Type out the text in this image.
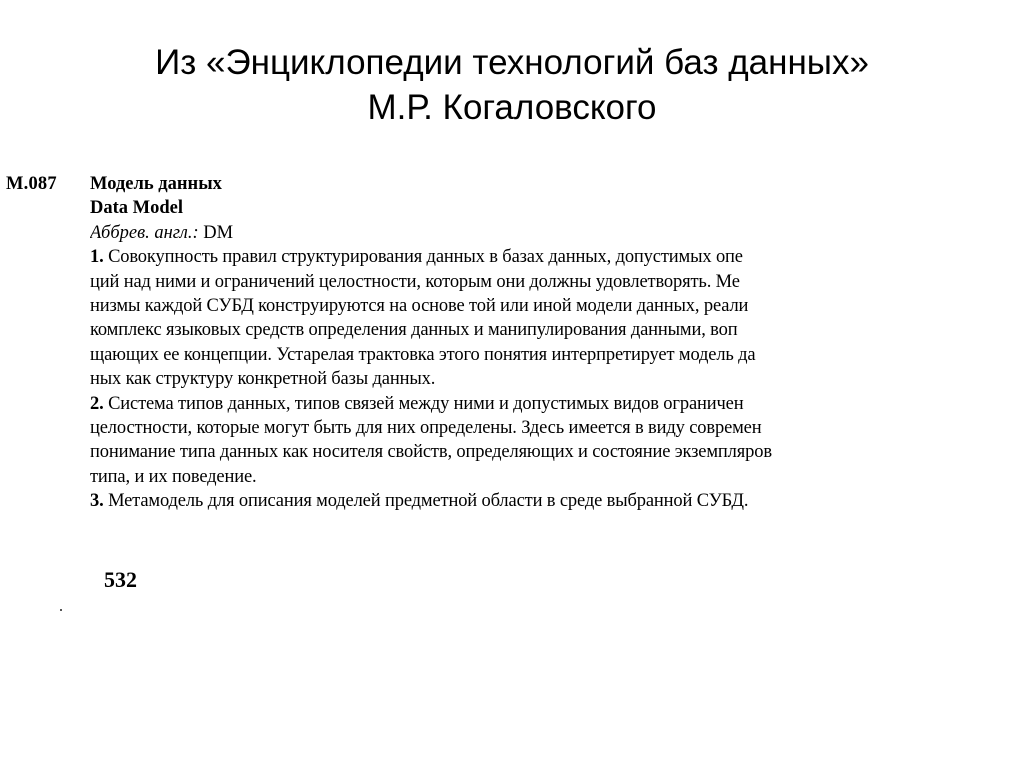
Из «Энциклопедии технологий баз данных»
М.Р. Когаловского
М.087 Модель данных
Data Model
Аббрев. англ.: DM
1. Совокупность правил структурирования данных в базах данных, допустимых опе
ций над ними и ограничений целостности, которым они должны удовлетворять. Ме
низмы каждой СУБД конструируются на основе той или иной модели данных, реали
комплекс языковых средств определения данных и манипулирования данными, воп
щающих ее концепции. Устарелая трактовка этого понятия интерпретирует модель да
ных как структуру конкретной базы данных.
2. Система типов данных, типов связей между ними и допустимых видов ограничен
целостности, которые могут быть для них определены. Здесь имеется в виду современ
понимание типа данных как носителя свойств, определяющих и состояние экземпляров
типа, и их поведение.
3. Метамодель для описания моделей предметной области в среде выбранной СУБД.
532
